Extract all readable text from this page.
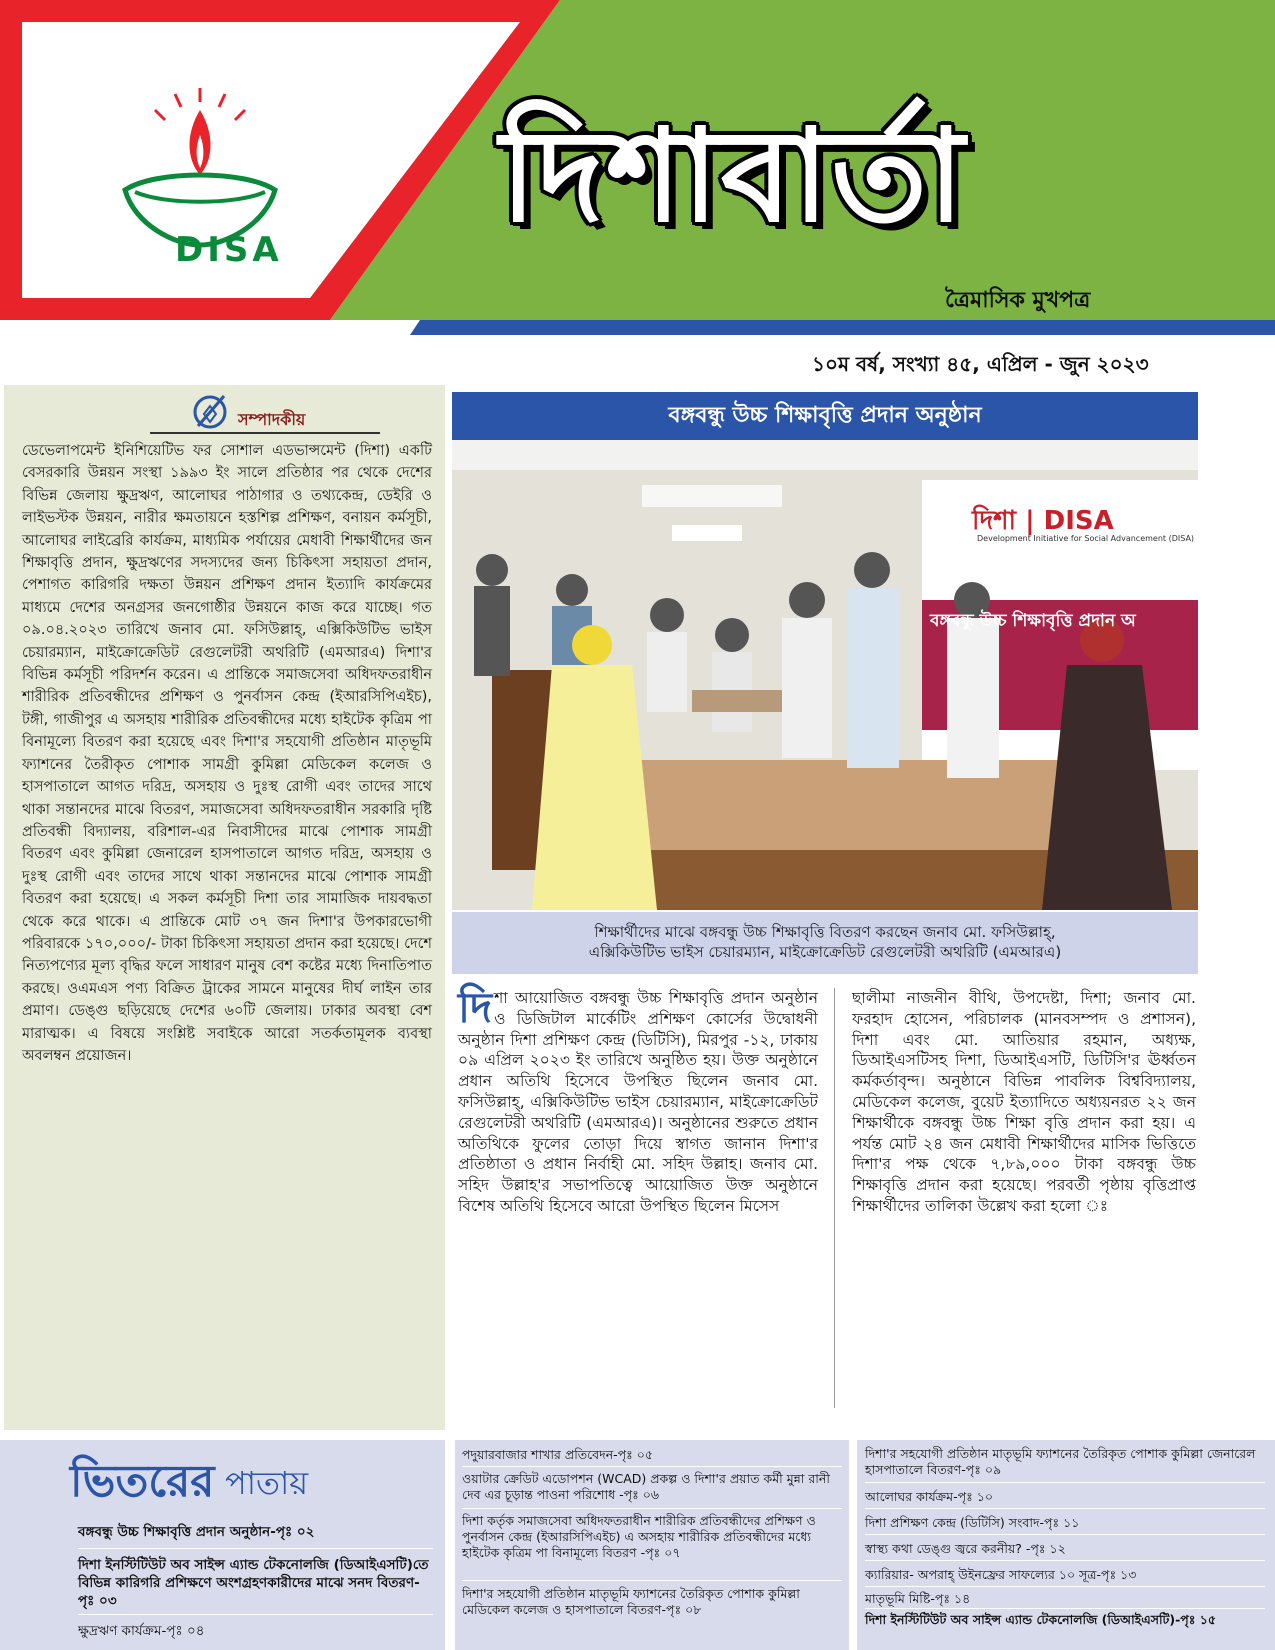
DISA দিশাবার্তা
ত্রৈমাসিক মুখপত্র
১০ম বর্ষ, সংখ্যা ৪৫, এপ্রিল - জুন ২০২৩
সম্পাদকীয়
ডেভেলাপমেন্ট ইনিশিয়েটিভ ফর সোশাল এডভান্সমেন্ট (দিশা) একটি বেসরকারি উন্নয়ন সংস্থা ১৯৯৩ ইং সালে প্রতিষ্ঠার পর থেকে দেশের বিভিন্ন জেলায় ক্ষুদ্রঋণ, আলোঘর পাঠাগার ও তথ্যকেন্দ্র, ডেইরি ও লাইভস্টক উন্নয়ন, নারীর ক্ষমতায়নে হস্তশিল্প প্রশিক্ষণ, বনায়ন কর্মসূচী, আলোঘর লাইব্রেরি কার্যক্রম, মাধ্যমিক পর্যায়ের মেধাবী শিক্ষার্থীদের জন শিক্ষাবৃত্তি প্রদান, ক্ষুদ্রঋণের সদস্যদের জন্য চিকিৎসা সহায়তা প্রদান, পেশাগত কারিগরি দক্ষতা উন্নয়ন প্রশিক্ষণ প্রদান ইত্যাদি কার্যক্রমের মাধ্যমে দেশের অনগ্রসর জনগোষ্ঠীর উন্নয়নে কাজ করে যাচ্ছে। গত ০৯.০৪.২০২৩ তারিখে জনাব মো. ফসিউল্লাহ্, এক্সিকিউটিভ ভাইস চেয়ারম্যান, মাইক্রোক্রেডিট রেগুলেটরী অথরিটি (এমআরএ) দিশা'র বিভিন্ন কর্মসূচী পরিদর্শন করেন। এ প্রান্তিকে সমাজসেবা অধিদফতরাধীন শারীরিক প্রতিবন্ধীদের প্রশিক্ষণ ও পুনর্বাসন কেন্দ্র (ইআরসিপিএইচ), টঙ্গী, গাজীপুর এ অসহায় শারীরিক প্রতিবন্ধীদের মধ্যে হাইটেক কৃত্রিম পা বিনামূল্যে বিতরণ করা হয়েছে এবং দিশা'র সহযোগী প্রতিষ্ঠান মাতৃভূমি ফ্যাশনের তৈরীকৃত পোশাক সামগ্রী কুমিল্লা মেডিকেল কলেজ ও হাসপাতালে আগত দরিদ্র, অসহায় ও দুঃস্থ রোগী এবং তাদের সাথে থাকা সন্তানদের মাঝে বিতরণ, সমাজসেবা অধিদফতরাধীন সরকারি দৃষ্টি প্রতিবন্ধী বিদ্যালয়, বরিশাল-এর নিবাসীদের মাঝে পোশাক সামগ্রী বিতরণ এবং কুমিল্লা জেনারেল হাসপাতালে আগত দরিদ্র, অসহায় ও দুঃস্থ রোগী এবং তাদের সাথে থাকা সন্তানদের মাঝে পোশাক সামগ্রী বিতরণ করা হয়েছে। এ সকল কর্মসূচী দিশা তার সামাজিক দায়বদ্ধতা থেকে করে থাকে। এ প্রান্তিকে মোট ৩৭ জন দিশা'র উপকারভোগী পরিবারকে ১৭০,০০০/- টাকা চিকিৎসা সহায়তা প্রদান করা হয়েছে। দেশে নিত্যপণ্যের মূল্য বৃদ্ধির ফলে সাধারণ মানুষ বেশ কষ্টের মধ্যে দিনাতিপাত করছে। ওএমএস পণ্য বিক্রিত ট্রাকের সামনে মানুষের দীর্ঘ লাইন তার প্রমাণ। ডেঙ্গু ছড়িয়েছে দেশের ৬০টি জেলায়। ঢাকার অবস্থা বেশ মারাত্মক। এ বিষয়ে সংশ্লিষ্ট সবাইকে আরো সতর্কতামূলক ব্যবস্থা অবলম্বন প্রয়োজন।
বঙ্গবন্ধু উচ্চ শিক্ষাবৃত্তি প্রদান অনুষ্ঠান
দিশা | DISA
Development Initiative for Social Advancement (DISA)
বঙ্গবন্ধু উচ্চ শিক্ষাবৃত্তি প্রদান অ
শিক্ষার্থীদের মাঝে বঙ্গবন্ধু উচ্চ শিক্ষাবৃত্তি বিতরণ করছেন জনাব মো. ফসিউল্লাহ্,
এক্সিকিউটিভ ভাইস চেয়ারম্যান, মাইক্রোক্রেডিট রেগুলেটরী অথরিটি (এমআরএ)
দি শা আয়োজিত বঙ্গবন্ধু উচ্চ শিক্ষাবৃত্তি প্রদান অনুষ্ঠান ও ডিজিটাল মার্কেটিং প্রশিক্ষণ কোর্সের উদ্বোধনী অনুষ্ঠান দিশা প্রশিক্ষণ কেন্দ্র (ডিটিসি), মিরপুর -১২, ঢাকায় ০৯ এপ্রিল ২০২৩ ইং তারিখে অনুষ্ঠিত হয়। উক্ত অনুষ্ঠানে প্রধান অতিথি হিসেবে উপস্থিত ছিলেন জনাব মো. ফসিউল্লাহ্, এক্সিকিউটিভ ভাইস চেয়ারম্যান, মাইক্রোক্রেডিট রেগুলেটরী অথরিটি (এমআরএ)। অনুষ্ঠানের শুরুতে প্রধান অতিথিকে ফুলের তোড়া দিয়ে স্বাগত জানান দিশা'র প্রতিষ্ঠাতা ও প্রধান নির্বাহী মো. সহিদ উল্লাহ। জনাব মো. সহিদ উল্লাহ'র সভাপতিত্বে আয়োজিত উক্ত অনুষ্ঠানে বিশেষ অতিথি হিসেবে আরো উপস্থিত ছিলেন মিসেস
ছালীমা নাজনীন বীথি, উপদেষ্টা, দিশা; জনাব মো. ফরহাদ হোসেন, পরিচালক (মানবসম্পদ ও প্রশাসন), দিশা এবং মো. আতিয়ার রহমান, অধ্যক্ষ, ডিআইএসটিসহ দিশা, ডিআইএসটি, ডিটিসি'র ঊর্ধ্বতন কর্মকর্তাবৃন্দ। অনুষ্ঠানে বিভিন্ন পাবলিক বিশ্ববিদ্যালয়, মেডিকেল কলেজ, বুয়েট ইত্যাদিতে অধ্যয়নরত ২২ জন শিক্ষার্থীকে বঙ্গবন্ধু উচ্চ শিক্ষা বৃত্তি প্রদান করা হয়। এ পর্যন্ত মোট ২৪ জন মেধাবী শিক্ষার্থীদের মাসিক ভিত্তিতে দিশা'র পক্ষ থেকে ৭,৮৯,০০০ টাকা বঙ্গবন্ধু উচ্চ শিক্ষাবৃত্তি প্রদান করা হয়েছে। পরবর্তী পৃষ্ঠায় বৃত্তিপ্রাপ্ত শিক্ষার্থীদের তালিকা উল্লেখ করা হলো ঃ
ভিতরের পাতায়
বঙ্গবন্ধু উচ্চ শিক্ষাবৃত্তি প্রদান অনুষ্ঠান-পৃঃ ০২
দিশা ইনস্টিটিউট অব সাইন্স এ্যান্ড টেকনোলজি (ডিআইএসটি)তে বিভিন্ন কারিগরি প্রশিক্ষণে অংশগ্রহণকারীদের মাঝে সনদ বিতরণ-পৃঃ ০৩
ক্ষুদ্রঋণ কার্যক্রম-পৃঃ ০৪
পদুয়ারবাজার শাখার প্রতিবেদন-পৃঃ ০৫
ওয়াটার ক্রেডিট এডোপশন (WCAD) প্রকল্প ও দিশা'র প্রয়াত কর্মী মুন্না রানী দেব এর চূড়ান্ত পাওনা পরিশোধ -পৃঃ ০৬
দিশা কর্তৃক সমাজসেবা অধিদফতরাধীন শারীরিক প্রতিবন্ধীদের প্রশিক্ষণ ও পুনর্বাসন কেন্দ্র (ইআরসিপিএইচ) এ অসহায় শারীরিক প্রতিবন্ধীদের মধ্যে হাইটেক কৃত্রিম পা বিনামূল্যে বিতরণ -পৃঃ ০৭
দিশা'র সহযোগী প্রতিষ্ঠান মাতৃভূমি ফ্যাশনের তৈরিকৃত পোশাক কুমিল্লা মেডিকেল কলেজ ও হাসপাতালে বিতরণ-পৃঃ ০৮
দিশা'র সহযোগী প্রতিষ্ঠান মাতৃভূমি ফ্যাশনের তৈরিকৃত পোশাক কুমিল্লা জেনারেল হাসপাতালে বিতরণ-পৃঃ ০৯
আলোঘর কার্যক্রম-পৃঃ ১০
দিশা প্রশিক্ষণ কেন্দ্র (ডিটিসি) সংবাদ-পৃঃ ১১
স্বাস্থ্য কথা ডেঙ্গু জ্বরে করনীয়? -পৃঃ ১২
ক্যারিয়ার- অপরাহ্ উইনফ্রের সাফল্যের ১০ সূত্র-পৃঃ ১৩
মাতৃভূমি মিষ্টি-পৃঃ ১৪
দিশা ইনস্টিটিউট অব সাইন্স এ্যান্ড টেকনোলজি (ডিআইএসটি)-পৃঃ ১৫
